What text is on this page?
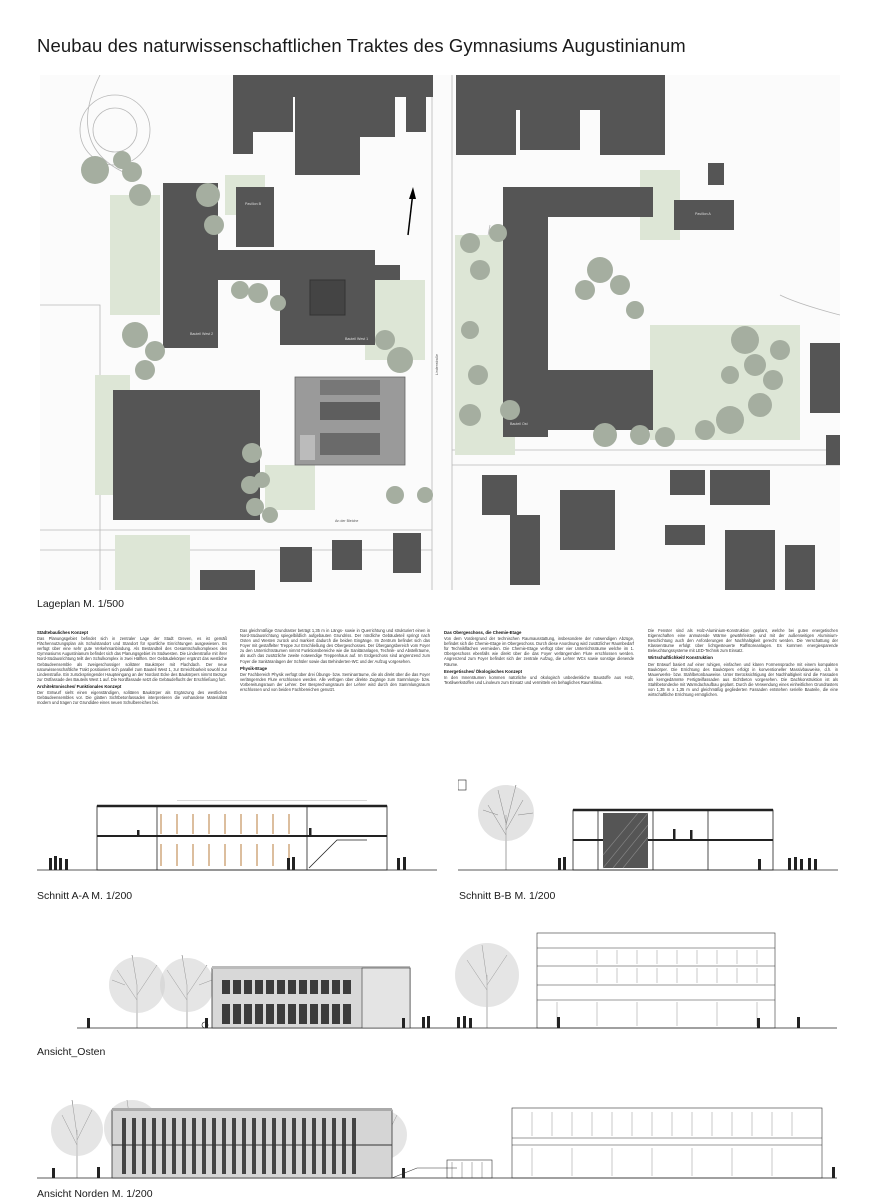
Neubau des naturwissenschaftlichen Traktes des Gymnasiums Augustinianum
Bauteil West 2
Bauteil West 1
Bauteil Ost
Pavillon B
Pavillon A
Lindenstraße
An der Bleiche
Lageplan M. 1/500
Städtebauliches Konzept

Das Planungsgebiet befindet sich in zentraler Lage der Stadt Greven, es ist gemäß Flächennutzungsplan als Schulstandort und Standort für sportliche Einrichtungen ausgewiesen. Es verfügt über eine sehr gute Verkehrsanbindung. Als Bestandteil des Gesamtschulkomplexes des Gymnasiums Augustinianum befindet sich das Planungsgebiet im Südwesten. Die Lindenstraße mit ihrer Nord-Südausrichtung teilt den Schulkomplex in zwei Hälften. Der Gebäudekörper ergänzt das westliche Gebäudeensemble als zweigeschossiger solitärer Baukörper mit Flachdach. Der neue naturwissenschaftliche Trakt positioniert sich parallel zum Bauteil West 1, zur Erreichbarkeit sowohl zur Lindenstraße. Ein zurückspringender Haupteingang an der Nordost Ecke des Baukörpers nimmt Bezüge zur Ostfassade des Bauteils West 1 auf. Die Nordfassade setzt die Gebäudeflucht der Erschließung fort.

Architektonisches/ Funktionales Konzept

Der Entwurf sieht einen eigenständigen, solitären Baukörper als Ergänzung des westlichen Gebäudeensembles vor. Die glatten Sichtbetonfassaden interpretieren die vorhandene Materialität modern und tragen zur Grundidee eines neuen Schulbereiches bei.

Das gleichmäßige Grundraster beträgt 1,35 m in Längs- sowie in Querrichtung und strukturiert einen in Nord-Südausrichtung spiegelbildlich aufgebauten Grundriss. Der nördliche Gebäudeteil springt nach Osten und Westen zurück und markiert dadurch die beiden Eingänge. Im Zentrum befindet sich das Foyer mit gestaffelter Treppe zur Erschließung des Obergeschosses. Der Übergangsbereich vom Foyer zu den Unterrichtsräumen nimmt Funktionsbereiche wie die Sanitäranlagen, Technik- und Abstellräume, als auch das zusätzliche zweite notwendige Treppenhaus auf. Im Erdgeschoss sind angrenzend zum Foyer die Sanitäranlagen der Schüler sowie das Behinderten-WC und der Aufzug vorgesehen.

Physik-Etage

Der Fachbereich Physik verfügt über drei Übungs- bzw. Seminarräume, die als direkt über die das Foyer verlängernden Flure erschlossen werden. Alle verfügen über direkte Zugänge zum Sammlungs- bzw. Vorbereitungsraum der Lehrer. Der Besprechungsraum der Lehrer wird durch den Sammlungsraum erschlossen und von beiden Fachbereichen genutzt.

Das Obergeschoss, die Chemie-Etage

Von dem Vordergrund der technischen Raumausstattung, insbesondere der notwendigen Abzüge, befindet sich die Chemie-Etage im Obergeschoss. Durch diese Anordnung wird zusätzlicher Raumbedarf für Technikflächen vermieden. Die Chemie-Etage verfügt über vier Unterrichtsräume welche im 1. Obergeschoss ebenfalls wie direkt über die das Foyer verlängernden Flure erschlossen werden. Angrenzend zum Foyer befindet sich der zentrale Aufzug, die Lehrer WCs sowie sonstige dienende Räume.

Energetisches/ Ökologisches Konzept

In den Innenräumen kommen natürliche und ökologisch unbedenkliche Baustoffe aus Holz, Textilwerkstoffen und Linoleum zum Einsatz und vermitteln ein behagliches Raumklima.

Die Fenster sind als Holz-Aluminium-Konstruktion geplant, welche bei guten energetischen Eigenschaften eine anmutende Wärme gewährleisten und mit der außenseitigen Aluminium-Beschichtung auch den Anforderungen der Nachhaltigkeit gerecht werden. Die Verschattung der Klassenräume erfolgt über lichtgesteuerte Raffstoreanlagen. Es kommen energiesparende Beleuchtungssysteme mit LED-Technik zum Einsatz.

Wirtschaftlichkeit/ Konstruktion

Der Entwurf basiert auf einer ruhigen, einfachen und klaren Formensprache mit einem kompakten Baukörper. Die Errichtung des Baukörpers erfolgt in konventioneller Massivbauweise, d.h. in Mauerwerks- bzw. Stahlbetonbauweise. Unter Berücksichtigung der Nachhaltigkeit sind die Fassaden als kerngedämmte Fertigteilfassaden aus Sichtbeton vorgesehen. Die Dachkonstruktion ist als Stahlbetondecke mit Warmdachaufbau geplant. Durch die Verwendung eines einheitlichen Grundrasters von 1,35 m x 1,35 m und gleichmäßig gegliederten Fassaden entstehen serielle Bauteile, die eine wirtschaftliche Errichtung ermöglichen.

Schnitt A-A M. 1/200	Schnitt B-B M. 1/200
Ansicht_Osten
Ansicht Norden M. 1/200
